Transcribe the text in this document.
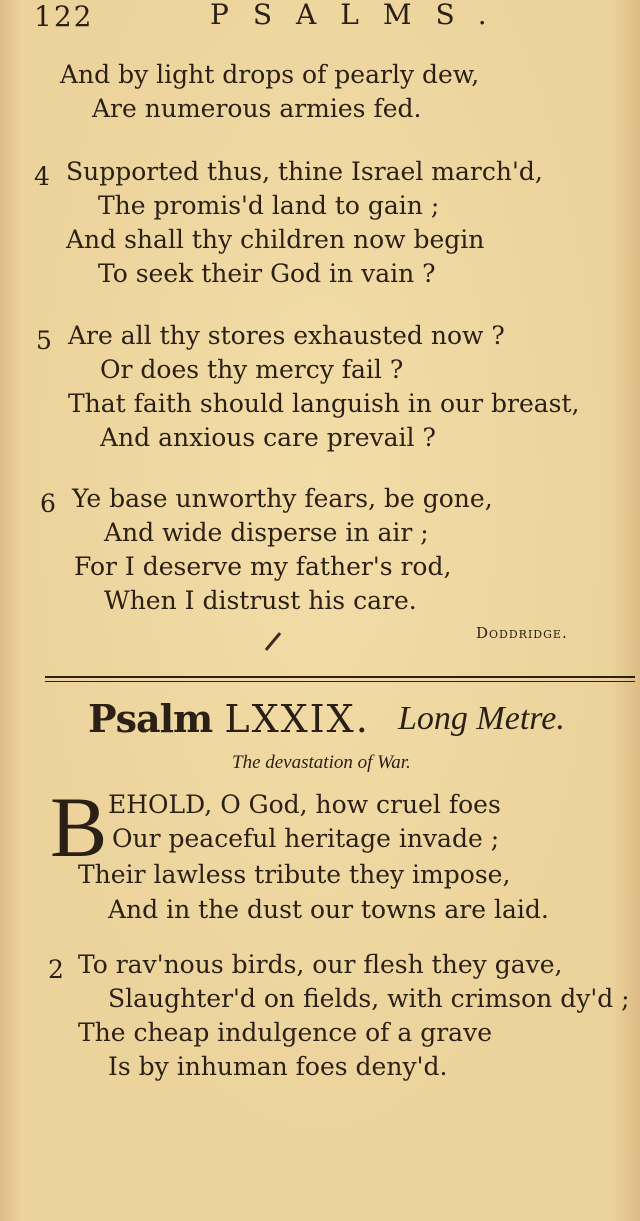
122	PSALMS.
And by light drops of pearly dew,
Are numerous armies fed.
4 Supported thus, thine Israel march'd,
The promis'd land to gain ;
And shall thy children now begin
To seek their God in vain ?
5 Are all thy stores exhausted now ?
Or does thy mercy fail ?
That faith should languish in our breast,
And anxious care prevail ?
6 Ye base unworthy fears, be gone,
And wide disperse in air ;
For I deserve my father's rod,
When I distrust his care.
Doddridge.
Psalm LXXIX. Long Metre.
The devastation of War.
B EHOLD, O God, how cruel foes
Our peaceful heritage invade ;
Their lawless tribute they impose,
And in the dust our towns are laid.
2 To rav'nous birds, our flesh they gave,
Slaughter'd on fields, with crimson dy'd ;
The cheap indulgence of a grave
Is by inhuman foes deny'd.
